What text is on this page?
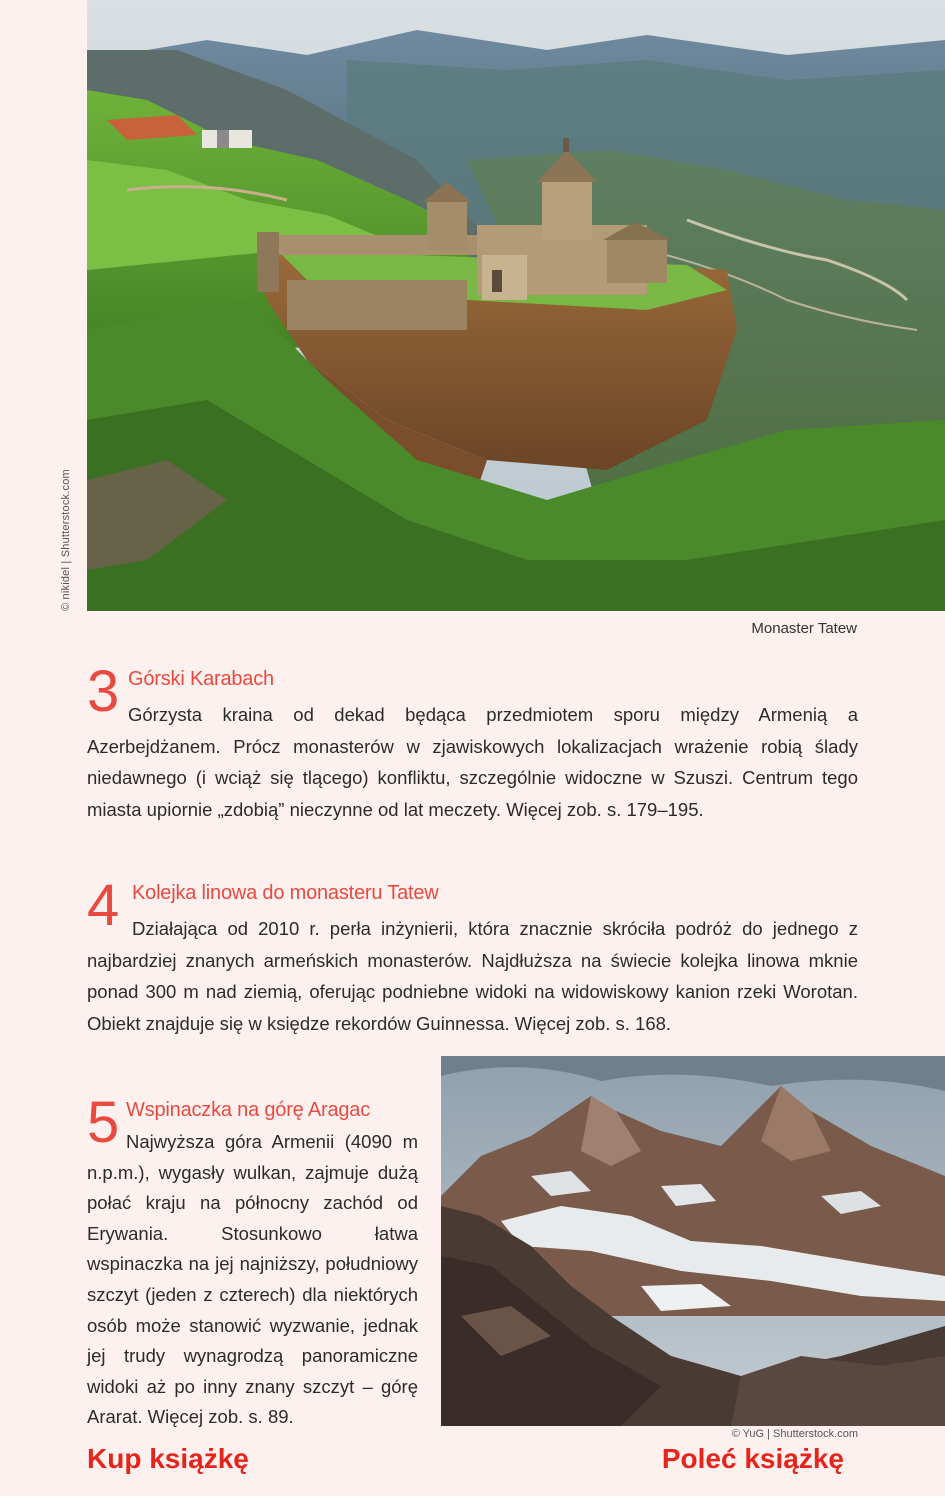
© nikidel | Shutterstock.com
Monaster Tatew
3 Górski Karabach

Górzysta kraina od dekad będąca przedmiotem sporu między Armenią a Azerbejdżanem. Prócz monasterów w zjawiskowych lokalizacjach wrażenie robią ślady niedawnego (i wciąż się tlącego) konfliktu, szczególnie widoczne w Szuszi. Centrum tego miasta upiornie „zdobią” nieczynne od lat meczety. Więcej zob. s. 179–195.

4 Kolejka linowa do monasteru Tatew

Działająca od 2010 r. perła inżynierii, która znacznie skróciła podróż do jednego z najbardziej znanych armeńskich monasterów. Najdłuższa na świecie kolejka linowa mknie ponad 300 m nad ziemią, oferując podniebne widoki na widowiskowy kanion rzeki Worotan. Obiekt znajduje się w księdze rekordów Guinnessa. Więcej zob. s. 168.

5 Wspinaczka na górę Aragac

Najwyższa góra Armenii (4090 m n.p.m.), wygasły wulkan, zajmuje dużą połać kraju na północny zachód od Erywania. Stosunkowo łatwa wspinaczka na jej najniższy, południowy szczyt (jeden z czterech) dla niektórych osób może stanowić wyzwanie, jednak jej trudy wynagrodzą panoramiczne widoki aż po inny znany szczyt – górę Ararat. Więcej zob. s. 89.

© YuG | Shutterstock.com
Kup książkę	Poleć książkę
